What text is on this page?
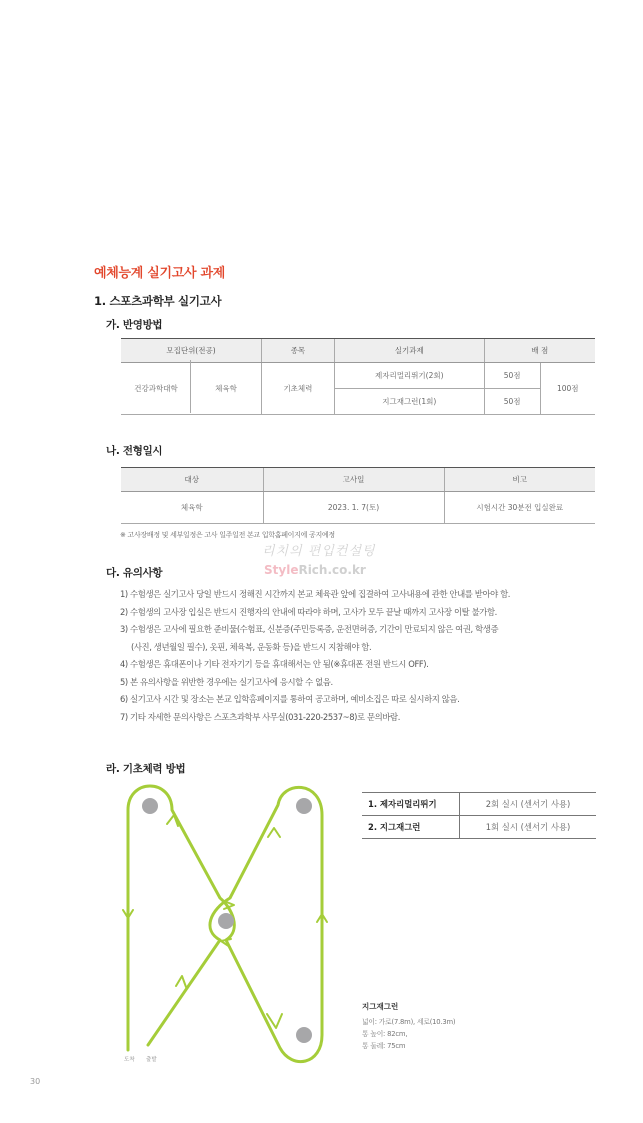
예체능계 실기고사 과제
1. 스포츠과학부 실기고사
가. 반영방법
모집단위(전공)	종목	실기과제	배 점	

건강과학대학 체육학	기초체력	제자리멀리뛰기(2회)	50점	100점
		지그재그런(1회)	50점	
나. 전형일시
대상	고사일	비고
체육학	2023. 1. 7(토)	시험시간 30분전 입실완료
※ 고사장배정 및 세부일정은 고사 일주일전 본교 입학홈페이지에 공지예정
리치의 편입컨설팅
StyleRich.co.kr
다. 유의사항
1) 수험생은 실기고사 당일 반드시 정해진 시간까지 본교 체육관 앞에 집결하여 고사내용에 관한 안내를 받아야 함.
2) 수험생의 고사장 입실은 반드시 진행자의 안내에 따라야 하며, 고사가 모두 끝날 때까지 고사장 이탈 불가함.
3) 수험생은 고사에 필요한 준비물(수험표, 신분증(주민등록증, 운전면허증, 기간이 만료되지 않은 여권, 학생증
(사진, 생년월일 필수), 옷핀, 체육복, 운동화 등)을 반드시 지참해야 함.
4) 수험생은 휴대폰이나 기타 전자기기 등을 휴대해서는 안 됨(※휴대폰 전원 반드시 OFF).
5) 본 유의사항을 위반한 경우에는 실기고사에 응시할 수 없음.
6) 실기고사 시간 및 장소는 본교 입학홈페이지를 통하여 공고하며, 예비소집은 따로 실시하지 않음.
7) 기타 자세한 문의사항은 스포츠과학부 사무실(031-220-2537~8)로 문의바람.
라. 기초체력 방법
도착 출발
1. 제자리멀리뛰기	2회 실시 (센서기 사용)
2. 지그재그런	1회 실시 (센서기 사용)
지그재그런
넓이: 가로(7.8m), 세로(10.3m)
통 높이: 82cm,
통 둘레: 75cm
30
